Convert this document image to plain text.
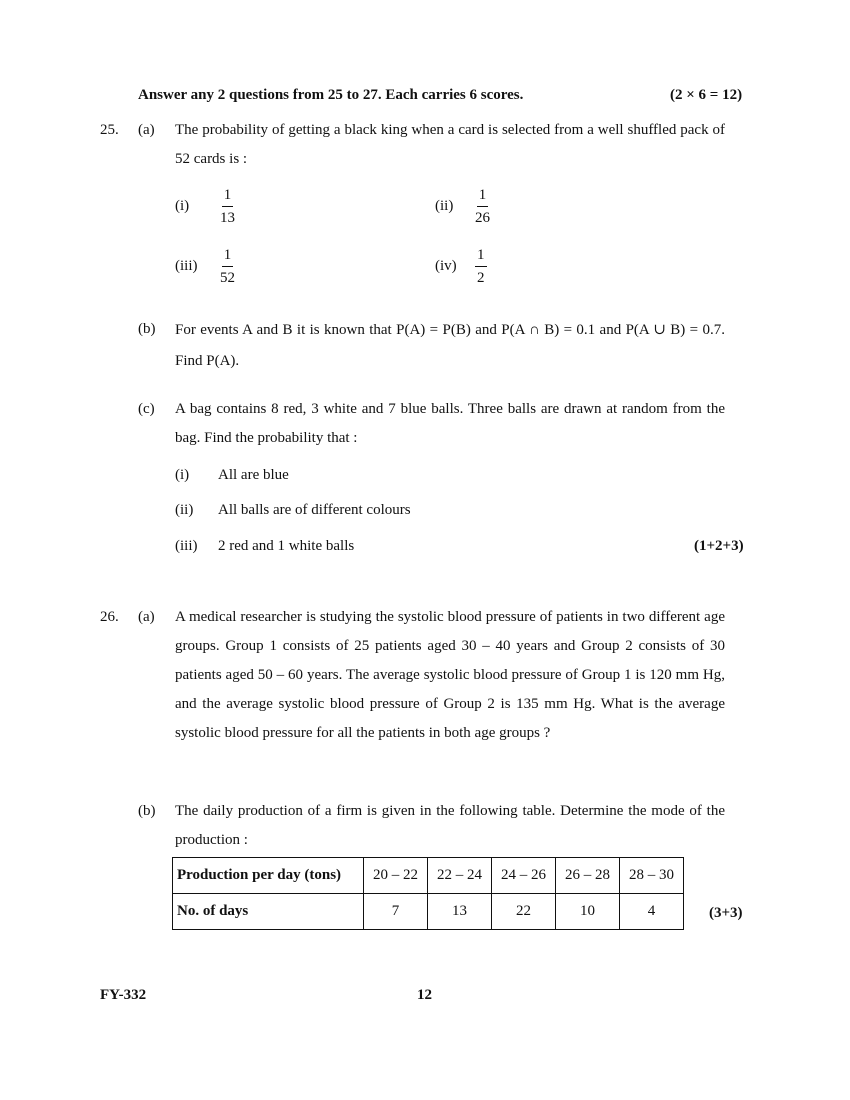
Answer any 2 questions from 25 to 27. Each carries 6 scores.	(2 × 6 = 12)
25. (a) The probability of getting a black king when a card is selected from a well shuffled pack of 52 cards is :
$(i) \frac{1}{13}$	$(ii) \frac{1}{26}$
$(iii) \frac{1}{52}$	$(iv) \frac{1}{2}$
(b) For events A and B it is known that P(A) = P(B) and P(A ∩ B) = 0.1 and P(A ∪ B) = 0.7. Find P(A).
(c) A bag contains 8 red, 3 white and 7 blue balls. Three balls are drawn at random from the bag. Find the probability that :
(i) All are blue
(ii) All balls are of different colours
(iii) 2 red and 1 white balls	(1+2+3)
26. (a) A medical researcher is studying the systolic blood pressure of patients in two different age groups. Group 1 consists of 25 patients aged 30 – 40 years and Group 2 consists of 30 patients aged 50 – 60 years. The average systolic blood pressure of Group 1 is 120 mm Hg, and the average systolic blood pressure of Group 2 is 135 mm Hg. What is the average systolic blood pressure for all the patients in both age groups ?
(b) The daily production of a firm is given in the following table. Determine the mode of the production :
Production per day (tons)	20 – 22	22 – 24	24 – 26	26 – 28	28 – 30
No. of days	7	13	22	10	4	(3+3)
FY-332	12
